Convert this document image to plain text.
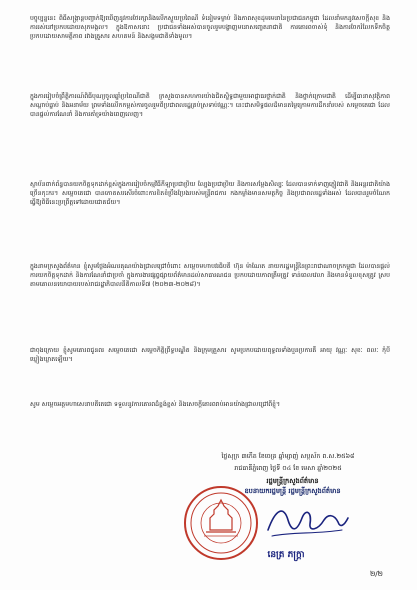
បច្ចុប្បន្ននេះ ពិធីសង្ក្រាន្តបញ្ជាក់ឱ្យឃើញនូវការថែរក្សានិងលើកស្ទួយប្រពៃណី ទំនៀមទម្លាប់ និងភាពសុខដុមរមនានៃប្រជាជនកម្ពុជា ដែលនាំមកនូវសេចក្តីសុខ និងការរស់នៅប្រកបដោយសុភមង្គល។ ក្នុងឱកាសនោះ ប្រជាជនទាំងអស់បានចូលរួមបង្ហាញមនោសញ្ចេតនាជាតិ ការគោរពចាស់ទុំ និងការចែករំលែកទឹកចិត្តប្រកបដោយសាមគ្គីភាព រវាងគ្រួសារ សហគមន៍ និងសង្គមជាតិទាំងមូល។
ក្នុងការរៀបចំព្រឹត្តិការណ៍ពិធីបុណ្យចូលឆ្នាំប្រពៃណីជាតិ ក្រសួងបានសហការយ៉ាងជិតស្និទ្ធជាមួយអាជ្ញាធរថ្នាក់ជាតិ និងថ្នាក់ក្រោមជាតិ ដើម្បីធានាសុវត្ថិភាព សណ្តាប់ធ្នាប់ និងអនាម័យ ព្រមទាំងលើកកម្ពស់ការចូលរួមពីប្រជាពលរដ្ឋគ្រប់ស្រទាប់វណ្ណៈ។ នេះជាសមិទ្ធផលដ៏មានតម្លៃក្រោមការដឹកនាំរបស់ សម្ដេចតេជោ ដែលបានផ្តល់ការណែនាំ និងការគាំទ្រយ៉ាងពេញលេញ។
ស្ថាប័នពាក់ព័ន្ធបានយកចិត្តទុកដាក់ខ្ពស់ក្នុងការរៀបចំកម្មវិធីកីឡាប្រជាប្រិយ ល្បែងប្រជាប្រិយ និងការសម្តែងសិល្បៈ ដែលបានទាក់ទាញភ្ញៀវជាតិ និងអន្តរជាតិយ៉ាងច្រើនកុះករ។ សម្ដេចតេជោ បានកោតសរសើរចំពោះការខិតខំប្រឹងប្រែងរបស់មន្ត្រីរាជការ កងកម្លាំងមានសមត្ថកិច្ច និងប្រជាពលរដ្ឋទាំងអស់ ដែលបានរួមចំណែកធ្វើឱ្យពិធីនេះប្រព្រឹត្តទៅដោយជោគជ័យ។
ក្នុងនាមក្រសួងព័ត៌មាន ខ្ញុំសូមថ្លែងអំណរគុណយ៉ាងជ្រាលជ្រៅចំពោះ សម្ដេចមហាបវរធិបតី ហ៊ុន ម៉ាណែត នាយករដ្ឋមន្ត្រីនៃព្រះរាជាណាចក្រកម្ពុជា ដែលបានផ្តល់ការយកចិត្តទុកដាក់ និងការណែនាំជាប្រចាំ ក្នុងការងារផ្សព្វផ្សាយព័ត៌មានដល់សាធារណជន ប្រកបដោយភាពត្រឹមត្រូវ ទាន់ពេលវេលា និងមានទំនួលខុសត្រូវ ស្របតាមគោលនយោបាយរបស់រាជរដ្ឋាភិបាលនីតិកាលទី៧ (២០២៣-២០២៨)។
ជាចុងក្រោយ ខ្ញុំសូមគោរពជូនពរ សម្ដេចតេជោ សម្ដេចកិត្តិព្រឹទ្ធបណ្ឌិត និងក្រុមគ្រួសារ សូមប្រកបដោយពុទ្ធពរទាំងបួនប្រការគឺ អាយុ វណ្ណៈ សុខៈ ពលៈ កុំបីឃ្លៀងឃ្លាតឡើយ។
សូម សម្ដេចអគ្គមហាសេនាបតីតេជោ ទទួលនូវការគោរពដ៏ខ្ពង់ខ្ពស់ និងសេចក្តីគោរពរាប់អានយ៉ាងជ្រាលជ្រៅពីខ្ញុំ។
ថ្ងៃសុក្រ ៣កើត ខែចេត្រ ឆ្នាំម្សាញ់ សប្តស័ក ព.ស.២៥៦៨
រាជធានីភ្នំពេញ ថ្ងៃទី ០៤ ខែ មេសា ឆ្នាំ២០២៥
រដ្ឋមន្ត្រីក្រសួងព័ត៌មាន
ឧបនាយករដ្ឋមន្ត្រី រដ្ឋមន្ត្រីក្រសួងព័ត៌មាន
នេត្រ ភក្ត្រា
២/២
